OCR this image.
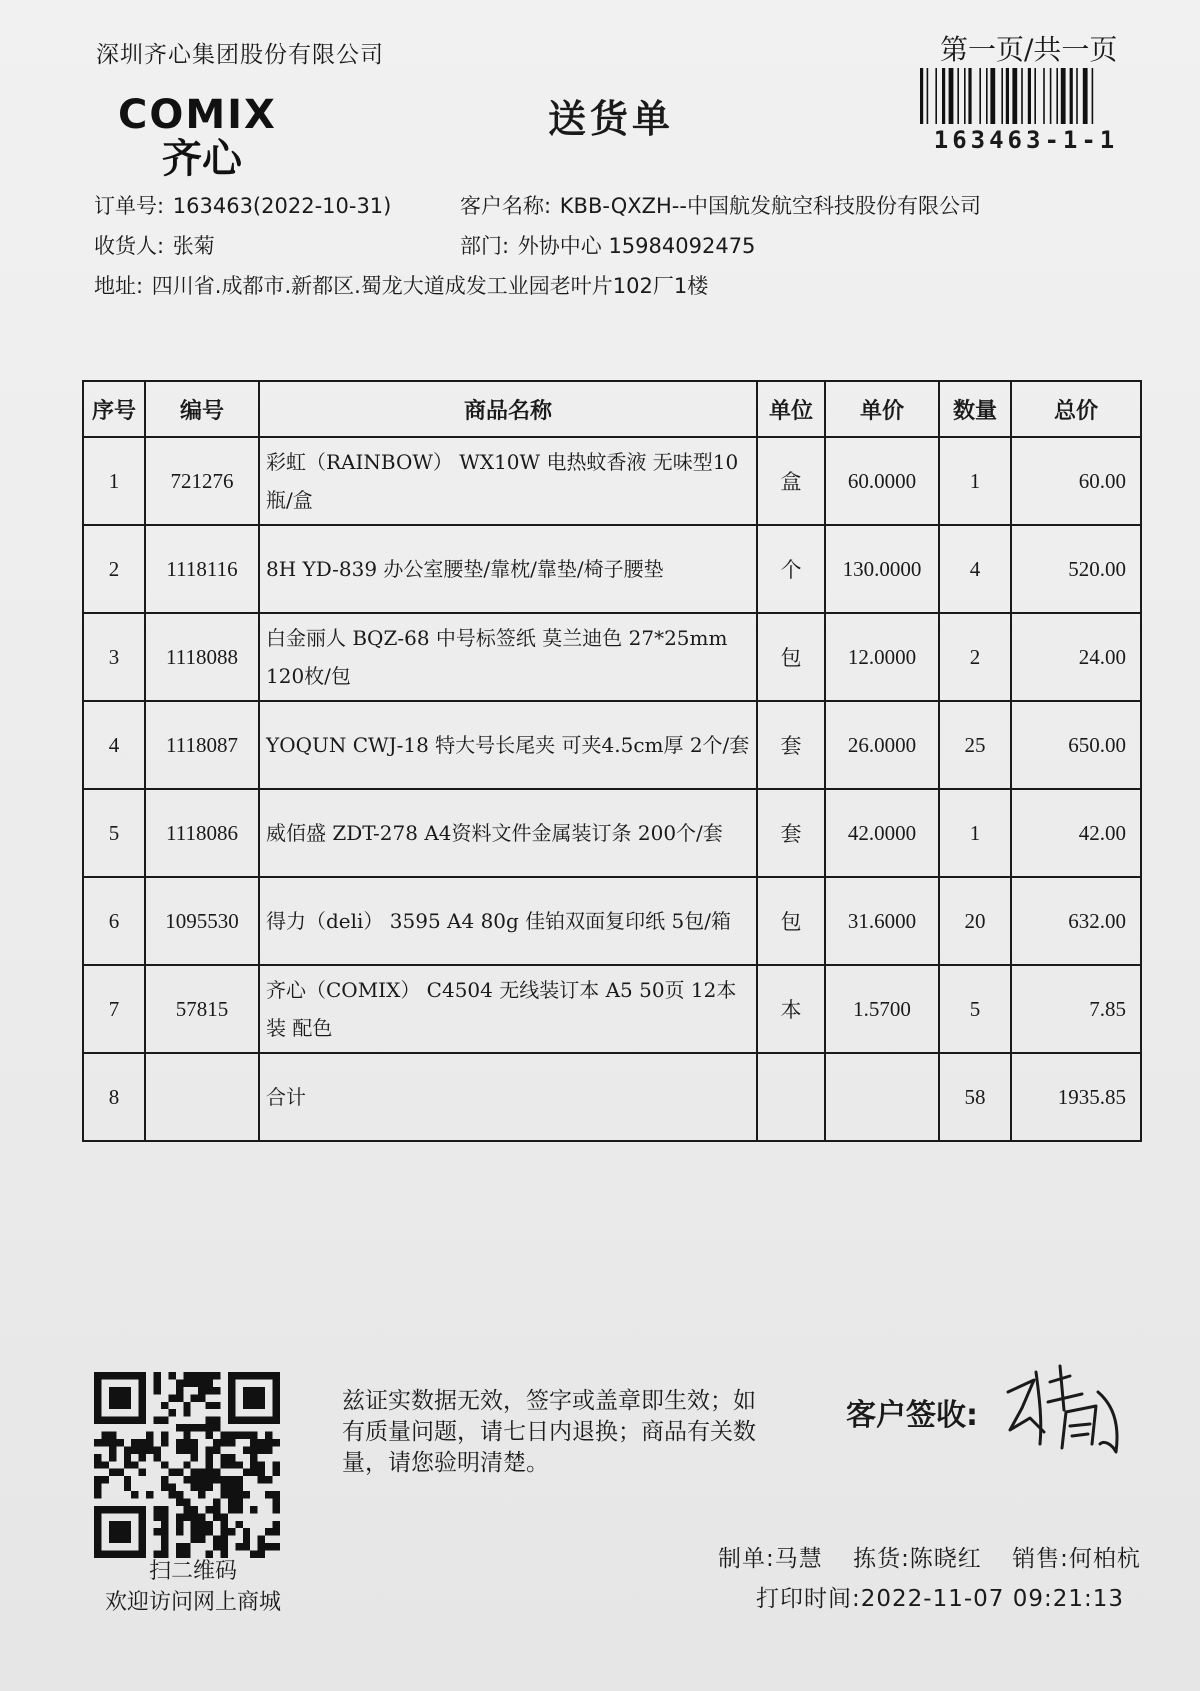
深圳齐心集团股份有限公司	第一页/共一页
163463-1-1
COMIX
齐心
送货单
订单号: 163463(2022-10-31)	客户名称: KBB-QXZH--中国航发航空科技股份有限公司
收货人: 张菊	部门: 外协中心 15984092475
地址: 四川省.成都市.新都区.蜀龙大道成发工业园老叶片102厂1楼
序号	编号	商品名称	单位	单价	数量	总价
1	721276	彩虹（RAINBOW） WX10W 电热蚊香液 无味型10瓶/盒	盒	60.0000	1	60.00
2	1118116	8H YD-839 办公室腰垫/靠枕/靠垫/椅子腰垫	个	130.0000	4	520.00
3	1118088	白金丽人 BQZ-68 中号标签纸 莫兰迪色 27*25mm 120枚/包	包	12.0000	2	24.00
4	1118087	YOQUN CWJ-18 特大号长尾夹 可夹4.5cm厚 2个/套	套	26.0000	25	650.00
5	1118086	威佰盛 ZDT-278 A4资料文件金属装订条 200个/套	套	42.0000	1	42.00
6	1095530	得力（deli） 3595 A4 80g 佳铂双面复印纸 5包/箱	包	31.6000	20	632.00
7	57815	齐心（COMIX） C4504 无线装订本 A5 50页 12本装 配色	本	1.5700	5	7.85
8		合计			58	1935.85
扫二维码
欢迎访问网上商城
兹证实数据无效，签字或盖章即生效；如有质量问题，请七日内退换；商品有关数量，请您验明清楚。
客户签收:
制单:马慧 拣货:陈晓红 销售:何柏杭
打印时间:2022-11-07 09:21:13
